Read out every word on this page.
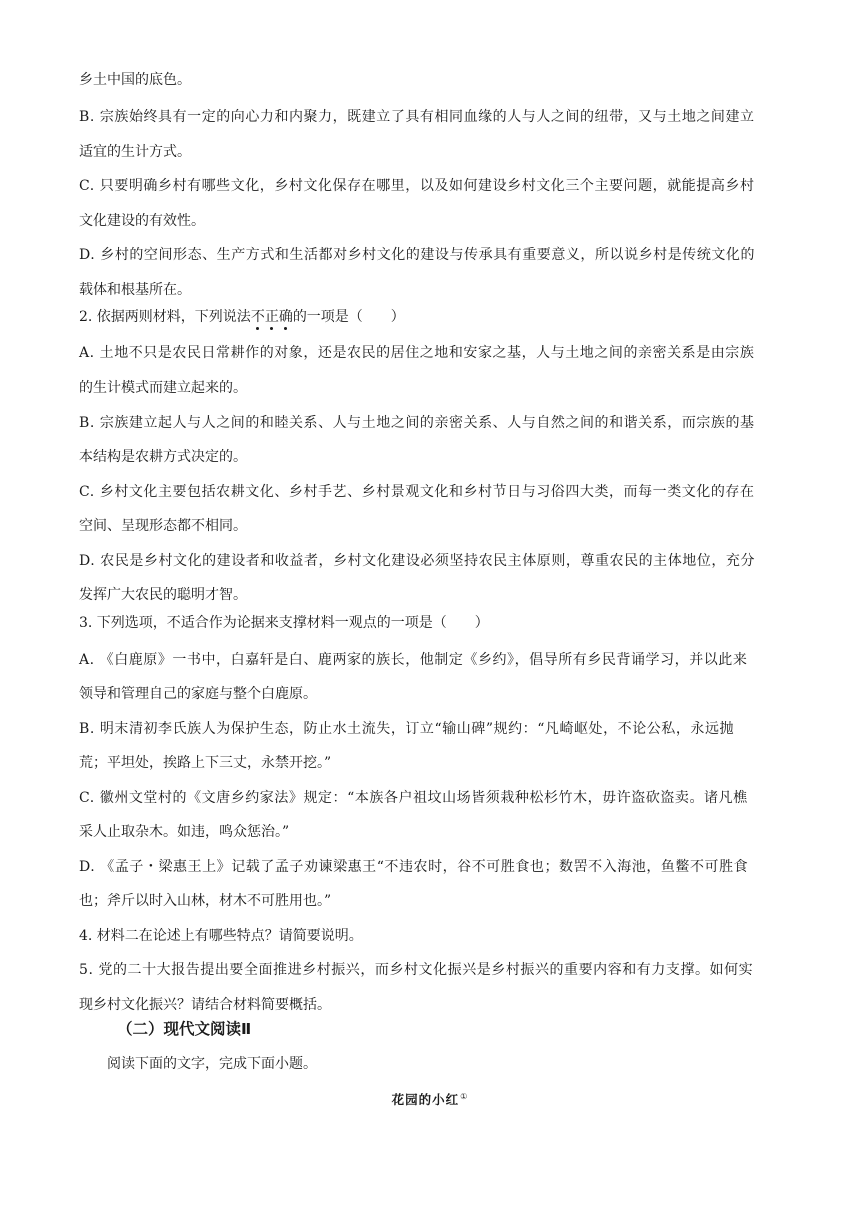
乡土中国的底色。
B. 宗族始终具有一定的向心力和内聚力，既建立了具有相同血缘的人与人之间的纽带，又与土地之间建立
适宜的生计方式。
C. 只要明确乡村有哪些文化，乡村文化保存在哪里，以及如何建设乡村文化三个主要问题，就能提高乡村
文化建设的有效性。
D. 乡村的空间形态、生产方式和生活都对乡村文化的建设与传承具有重要意义，所以说乡村是传统文化的
载体和根基所在。
2. 依据两则材料，下列说法不正确的一项是（　　）
A. 土地不只是农民日常耕作的对象，还是农民的居住之地和安家之基，人与土地之间的亲密关系是由宗族
的生计模式而建立起来的。
B. 宗族建立起人与人之间的和睦关系、人与土地之间的亲密关系、人与自然之间的和谐关系，而宗族的基
本结构是农耕方式决定的。
C. 乡村文化主要包括农耕文化、乡村手艺、乡村景观文化和乡村节日与习俗四大类，而每一类文化的存在
空间、呈现形态都不相同。
D. 农民是乡村文化的建设者和收益者，乡村文化建设必须坚持农民主体原则，尊重农民的主体地位，充分
发挥广大农民的聪明才智。
3. 下列选项，不适合作为论据来支撑材料一观点的一项是（　　）
A. 《白鹿原》一书中，白嘉轩是白、鹿两家的族长，他制定《乡约》，倡导所有乡民背诵学习，并以此来
领导和管理自己的家庭与整个白鹿原。
B. 明末清初李氏族人为保护生态，防止水土流失，订立“输山碑”规约：“凡崎岖处，不论公私，永远抛
荒；平坦处，挨路上下三丈，永禁开挖。”
C. 徽州文堂村的《文唐乡约家法》规定：“本族各户祖坟山场皆须栽种松杉竹木，毋许盗砍盗卖。诸凡樵
采人止取杂木。如违，鸣众惩治。”
D. 《孟子・梁惠王上》记载了孟子劝谏梁惠王“不违农时，谷不可胜食也；数罟不入海池，鱼鳖不可胜食
也；斧斤以时入山林，材木不可胜用也。”
4. 材料二在论述上有哪些特点？请简要说明。
5. 党的二十大报告提出要全面推进乡村振兴，而乡村文化振兴是乡村振兴的重要内容和有力支撑。如何实
现乡村文化振兴？请结合材料简要概括。
（二）现代文阅读Ⅱ
阅读下面的文字，完成下面小题。
花园的小红①
